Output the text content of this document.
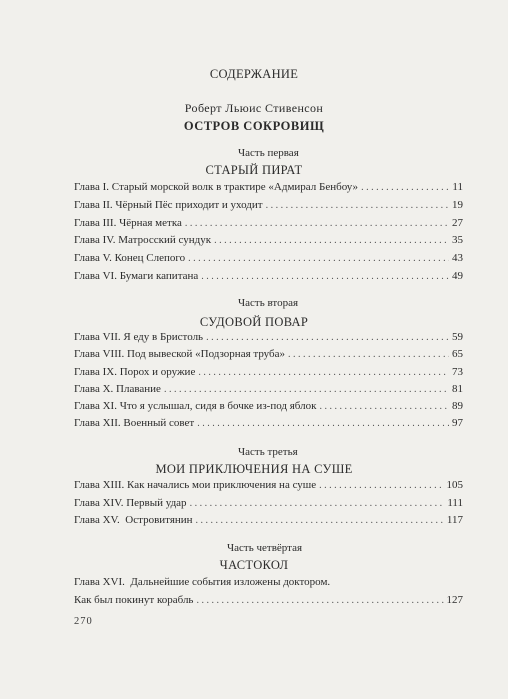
СОДЕРЖАНИЕ
Роберт Льюис Стивенсон
ОСТРОВ СОКРОВИЩ
Часть первая
СТАРЫЙ ПИРАТ
Глава I. Старый морской волк в трактире «Адмирал Бенбоу» . . .	11
Глава II. Чёрный Пёс приходит и уходит . . .	19
Глава III. Чёрная метка . . .	27
Глава IV. Матросский сундук . . .	35
Глава V. Конец Слепого . . .	43
Глава VI. Бумаги капитана . . .	49
Часть вторая
СУДОВОЙ ПОВАР
Глава VII. Я еду в Бристоль . . .	59
Глава VIII. Под вывеской «Подзорная труба» . . .	65
Глава IX. Порох и оружие . . .	73
Глава X. Плавание . . .	81
Глава XI. Что я услышал, сидя в бочке из-под яблок . . .	89
Глава XII. Военный совет . . .	97
Часть третья
МОИ ПРИКЛЮЧЕНИЯ НА СУШЕ
Глава XIII. Как начались мои приключения на суше . . .	105
Глава XIV. Первый удар . . .	111
Глава XV.  Островитянин . . .	117
Часть четвёртая
ЧАСТОКОЛ
Глава XVI.  Дальнейшие события изложены доктором.
Как был покинут корабль . . .	127
270
